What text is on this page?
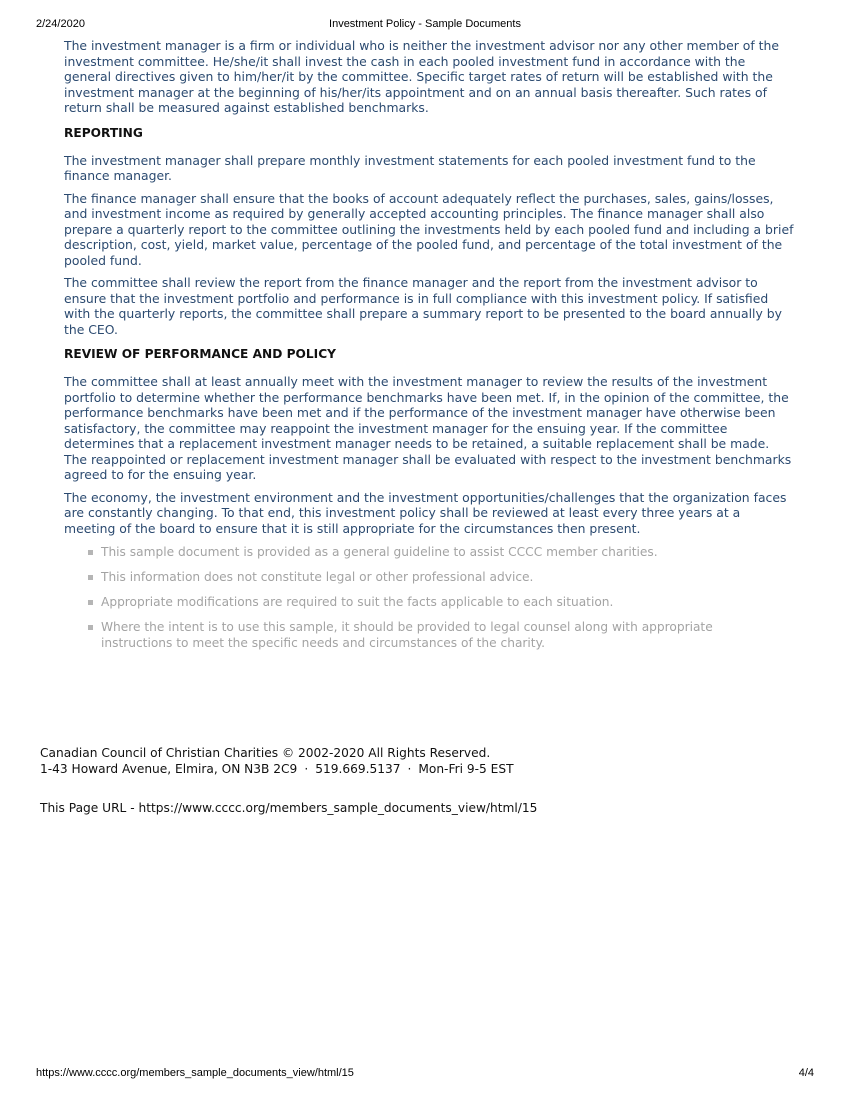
2/24/2020	Investment Policy - Sample Documents

The investment manager is a firm or individual who is neither the investment advisor nor any other member of the investment committee. He/she/it shall invest the cash in each pooled investment fund in accordance with the general directives given to him/her/it by the committee. Specific target rates of return will be established with the investment manager at the beginning of his/her/its appointment and on an annual basis thereafter. Such rates of return shall be measured against established benchmarks.

REPORTING

The investment manager shall prepare monthly investment statements for each pooled investment fund to the finance manager.

The finance manager shall ensure that the books of account adequately reflect the purchases, sales, gains/losses, and investment income as required by generally accepted accounting principles. The finance manager shall also prepare a quarterly report to the committee outlining the investments held by each pooled fund and including a brief description, cost, yield, market value, percentage of the pooled fund, and percentage of the total investment of the pooled fund.

The committee shall review the report from the finance manager and the report from the investment advisor to ensure that the investment portfolio and performance is in full compliance with this investment policy. If satisfied with the quarterly reports, the committee shall prepare a summary report to be presented to the board annually by the CEO.

REVIEW OF PERFORMANCE AND POLICY

The committee shall at least annually meet with the investment manager to review the results of the investment portfolio to determine whether the performance benchmarks have been met. If, in the opinion of the committee, the performance benchmarks have been met and if the performance of the investment manager have otherwise been satisfactory, the committee may reappoint the investment manager for the ensuing year. If the committee determines that a replacement investment manager needs to be retained, a suitable replacement shall be made. The reappointed or replacement investment manager shall be evaluated with respect to the investment benchmarks agreed to for the ensuing year.

The economy, the investment environment and the investment opportunities/challenges that the organization faces are constantly changing. To that end, this investment policy shall be reviewed at least every three years at a meeting of the board to ensure that it is still appropriate for the circumstances then present.

This sample document is provided as a general guideline to assist CCCC member charities.
This information does not constitute legal or other professional advice.
Appropriate modifications are required to suit the facts applicable to each situation.
Where the intent is to use this sample, it should be provided to legal counsel along with appropriate instructions to meet the specific needs and circumstances of the charity.
Canadian Council of Christian Charities © 2002-2020 All Rights Reserved.
1-43 Howard Avenue, Elmira, ON N3B 2C9 · 519.669.5137 · Mon-Fri 9-5 EST
This Page URL - https://www.cccc.org/members_sample_documents_view/html/15
https://www.cccc.org/members_sample_documents_view/html/15	4/4
